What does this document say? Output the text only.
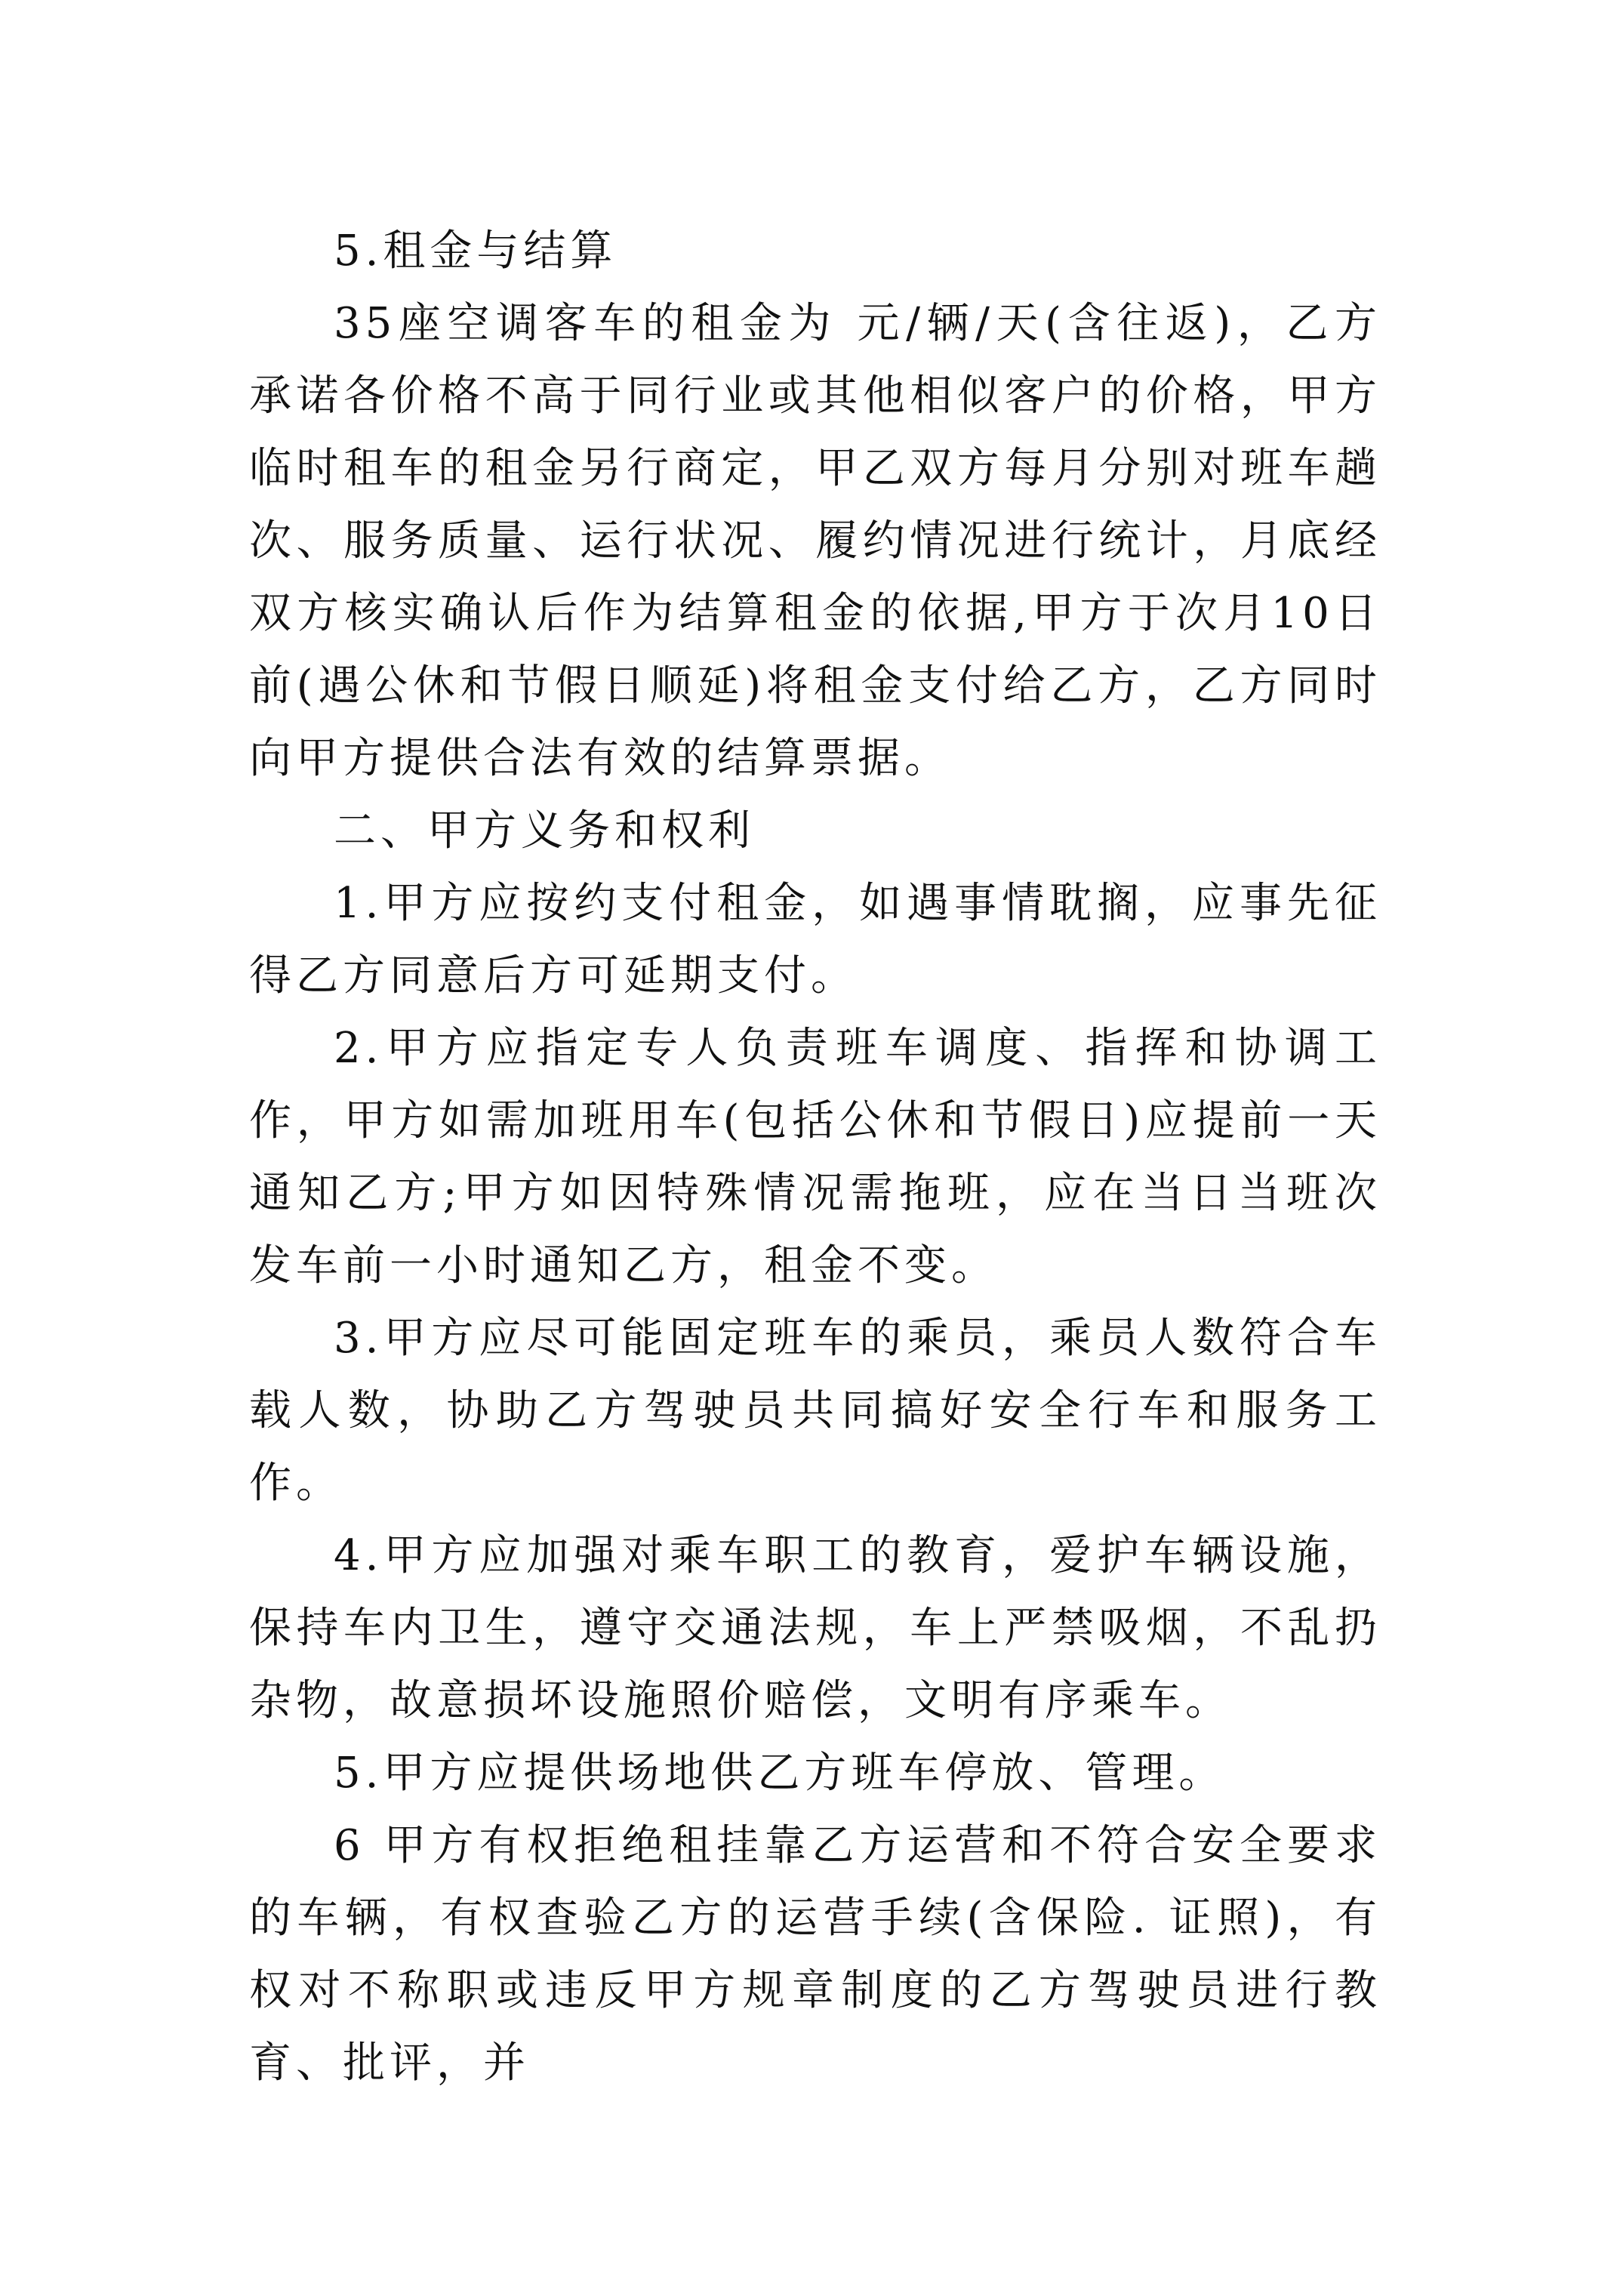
5.租金与结算

35座空调客车的租金为 元/辆/天(含往返)，乙方承诺各价格不高于同行业或其他相似客户的价格，甲方临时租车的租金另行商定，甲乙双方每月分别对班车趟次、服务质量、运行状况、履约情况进行统计，月底经双方核实确认后作为结算租金的依据,甲方于次月10日前(遇公休和节假日顺延)将租金支付给乙方，乙方同时向甲方提供合法有效的结算票据。

二、甲方义务和权利

1.甲方应按约支付租金，如遇事情耽搁，应事先征得乙方同意后方可延期支付。

2.甲方应指定专人负责班车调度、指挥和协调工作，甲方如需加班用车(包括公休和节假日)应提前一天通知乙方;甲方如因特殊情况需拖班，应在当日当班次发车前一小时通知乙方，租金不变。

3.甲方应尽可能固定班车的乘员，乘员人数符合车载人数，协助乙方驾驶员共同搞好安全行车和服务工作。

4.甲方应加强对乘车职工的教育，爱护车辆设施，保持车内卫生，遵守交通法规，车上严禁吸烟，不乱扔杂物，故意损坏设施照价赔偿，文明有序乘车。

5.甲方应提供场地供乙方班车停放、管理。

6 甲方有权拒绝租挂靠乙方运营和不符合安全要求的车辆，有权查验乙方的运营手续(含保险. 证照)，有权对不称职或违反甲方规章制度的乙方驾驶员进行教育、批评，并
